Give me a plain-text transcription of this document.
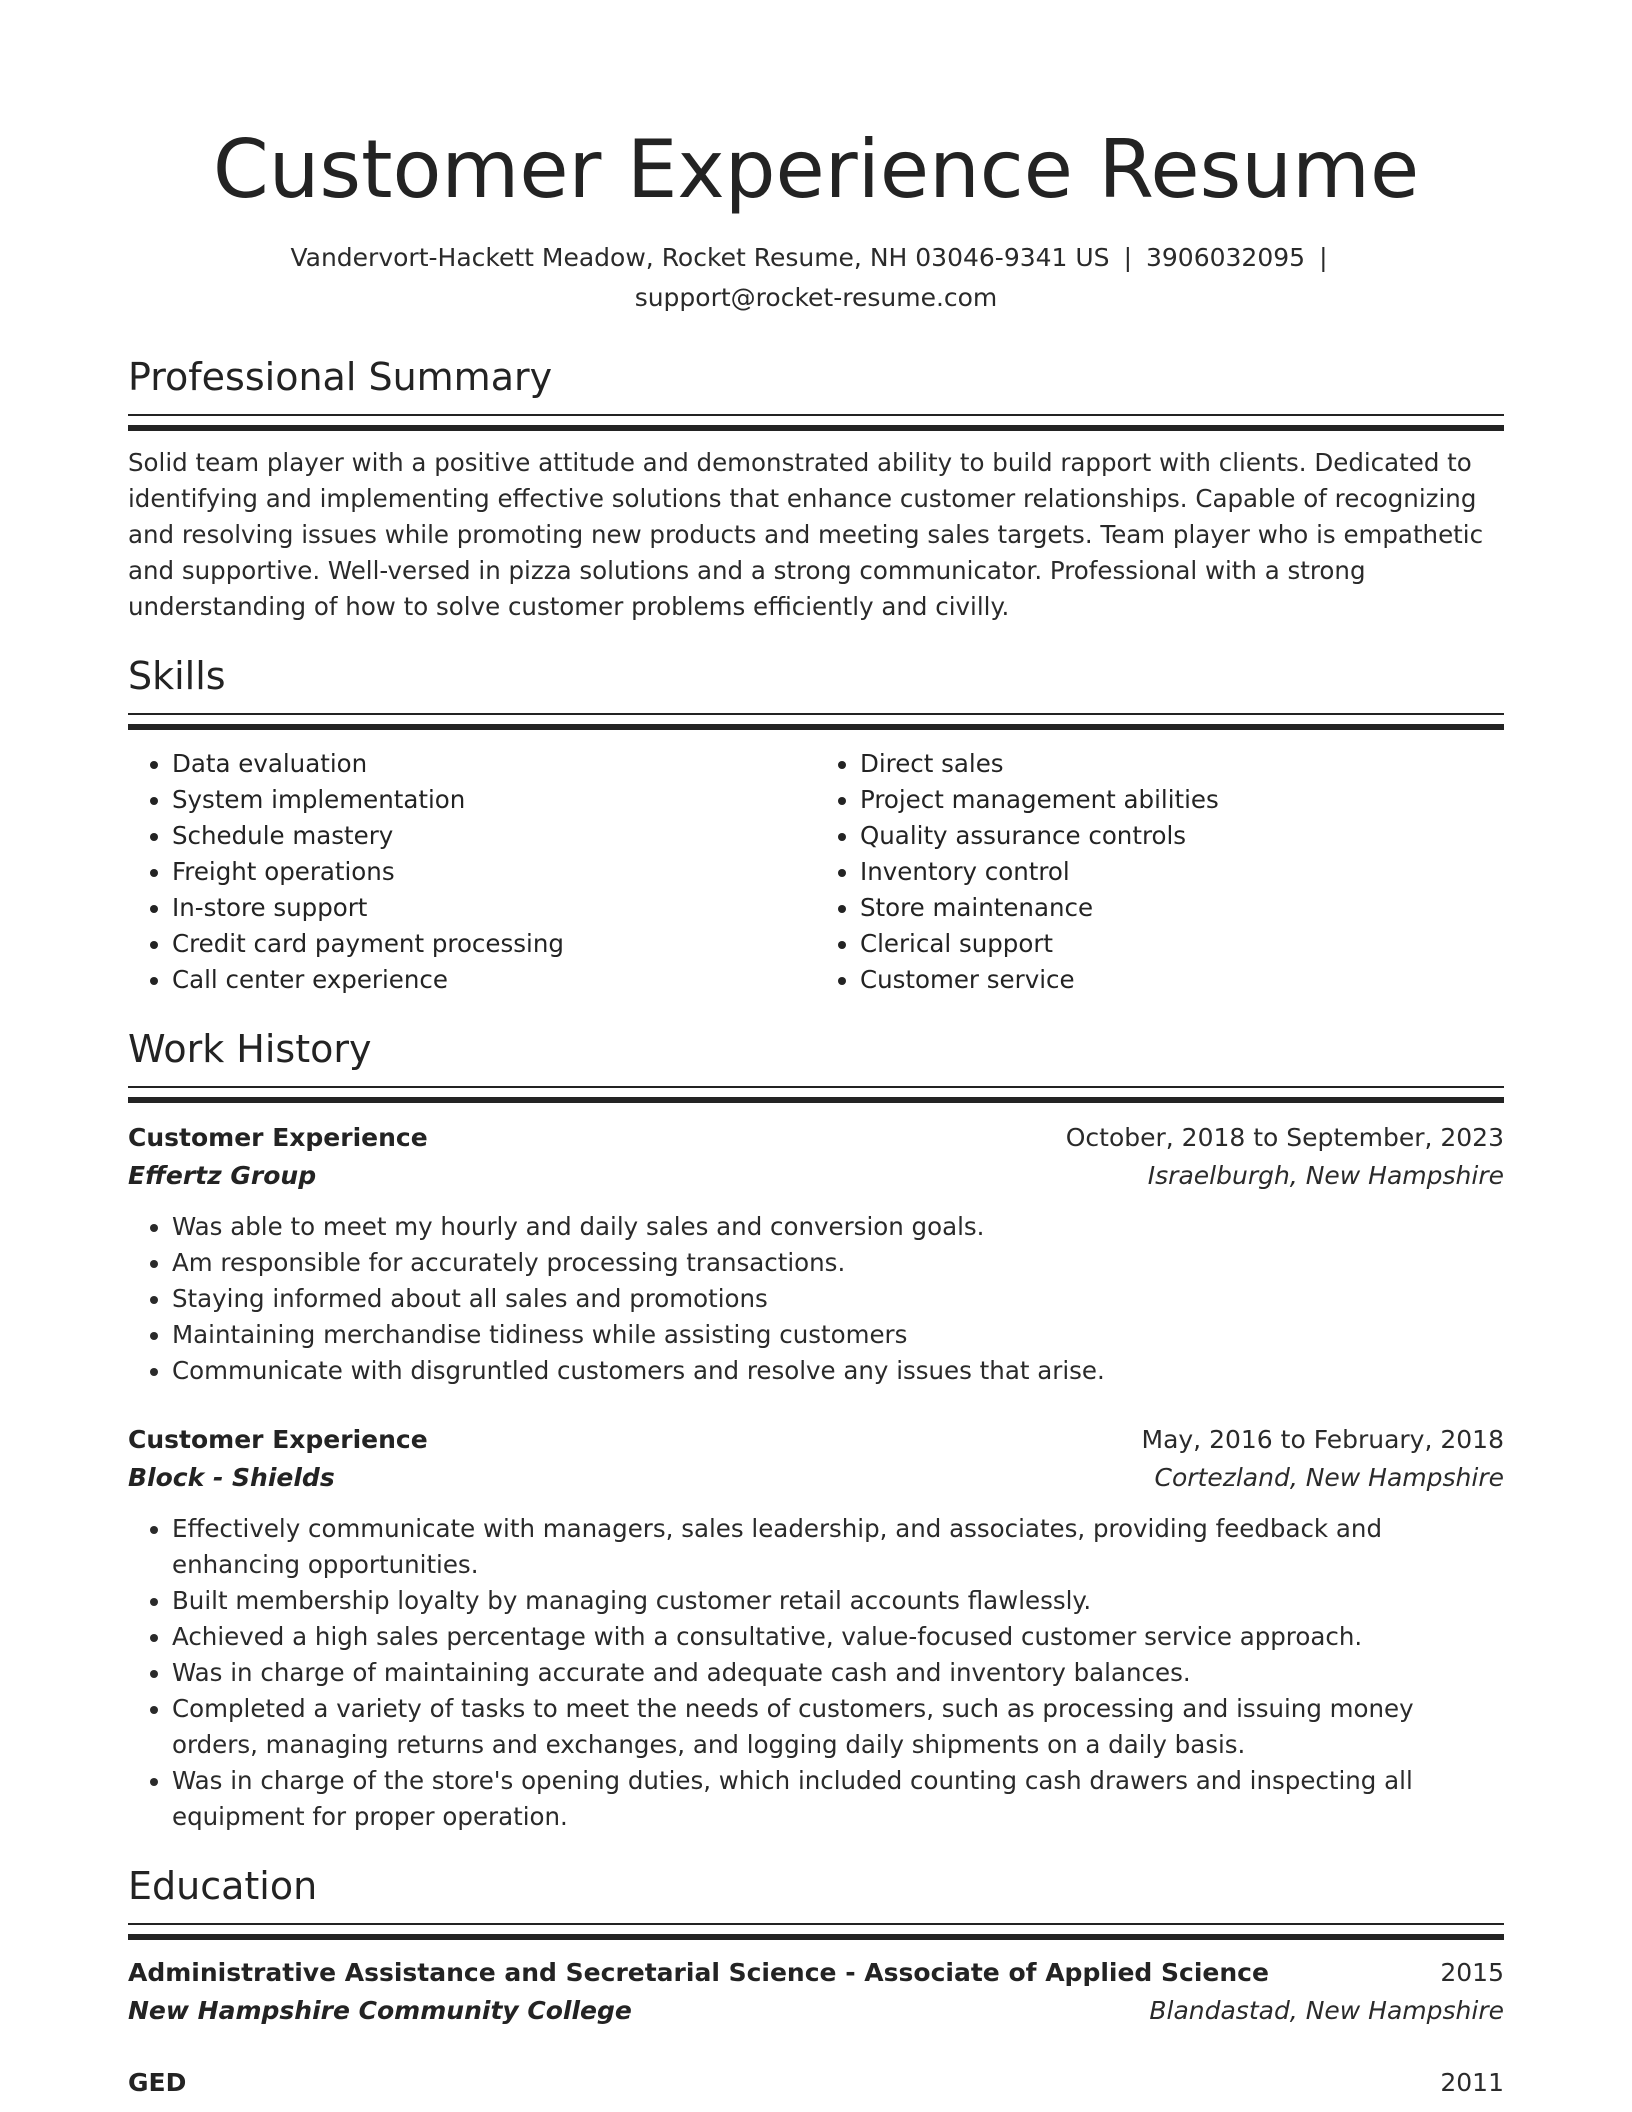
Customer Experience Resume
Vandervort-Hackett Meadow, Rocket Resume, NH 03046-9341 US | 3906032095 |
support@rocket-resume.com
Professional Summary
Solid team player with a positive attitude and demonstrated ability to build rapport with clients. Dedicated to identifying and implementing effective solutions that enhance customer relationships. Capable of recognizing and resolving issues while promoting new products and meeting sales targets. Team player who is empathetic and supportive. Well-versed in pizza solutions and a strong communicator. Professional with a strong understanding of how to solve customer problems efficiently and civilly.
Skills
• Data evaluation
• System implementation
• Schedule mastery
• Freight operations
• In-store support
• Credit card payment processing
• Call center experience
• Direct sales
• Project management abilities
• Quality assurance controls
• Inventory control
• Store maintenance
• Clerical support
• Customer service
Work History
Customer Experience	October, 2018 to September, 2023
Effertz Group	Israelburgh, New Hampshire
• Was able to meet my hourly and daily sales and conversion goals.
• Am responsible for accurately processing transactions.
• Staying informed about all sales and promotions
• Maintaining merchandise tidiness while assisting customers
• Communicate with disgruntled customers and resolve any issues that arise.
Customer Experience	May, 2016 to February, 2018
Block - Shields	Cortezland, New Hampshire
• Effectively communicate with managers, sales leadership, and associates, providing feedback and enhancing opportunities.
• Built membership loyalty by managing customer retail accounts flawlessly.
• Achieved a high sales percentage with a consultative, value-focused customer service approach.
• Was in charge of maintaining accurate and adequate cash and inventory balances.
• Completed a variety of tasks to meet the needs of customers, such as processing and issuing money orders, managing returns and exchanges, and logging daily shipments on a daily basis.
• Was in charge of the store's opening duties, which included counting cash drawers and inspecting all equipment for proper operation.
Education
Administrative Assistance and Secretarial Science - Associate of Applied Science	2015
New Hampshire Community College	Blandastad, New Hampshire
GED	2011
